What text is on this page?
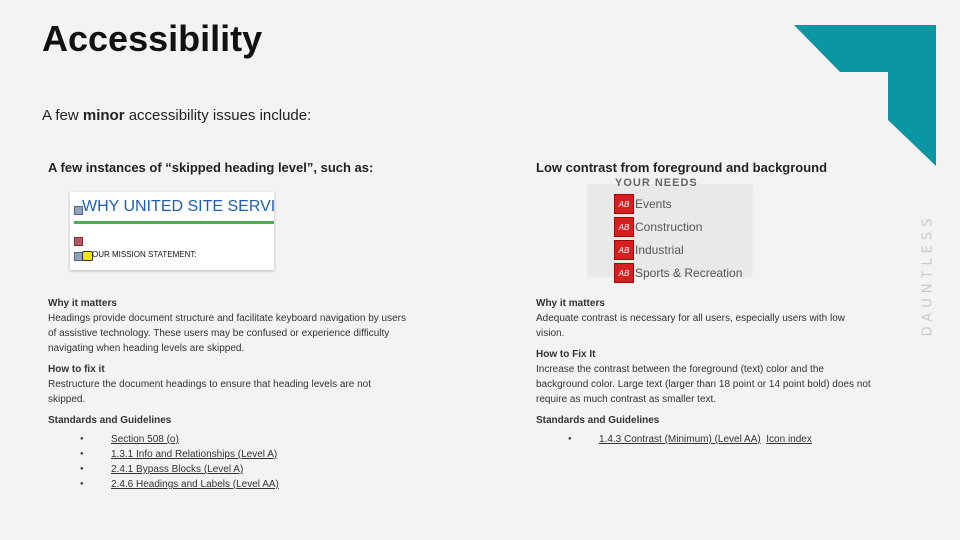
Accessibility
A few minor accessibility issues include:
DAUNTLESS
A few instances of “skipped heading level”, such as:
WHY UNITED SITE SERVI
OUR MISSION STATEMENT:
Why it matters

Headings provide document structure and facilitate keyboard navigation by users of assistive technology. These users may be confused or experience difficulty navigating when heading levels are skipped.

How to fix it

Restructure the document headings to ensure that heading levels are not skipped.

Standards and Guidelines
● Section 508 (o)
● 1.3.1 Info and Relationships (Level A)
● 2.4.1 Bypass Blocks (Level A)
● 2.4.6 Headings and Labels (Level AA)
Low contrast from foreground and background
YOUR NEEDS
AB Events
AB Construction
AB Industrial
AB Sports & Recreation
Why it matters

Adequate contrast is necessary for all users, especially users with low vision.

How to Fix It

Increase the contrast between the foreground (text) color and the background color. Large text (larger than 18 point or 14 point bold) does not require as much contrast as smaller text.

Standards and Guidelines
● 1.4.3 Contrast (Minimum) (Level AA) Icon index
